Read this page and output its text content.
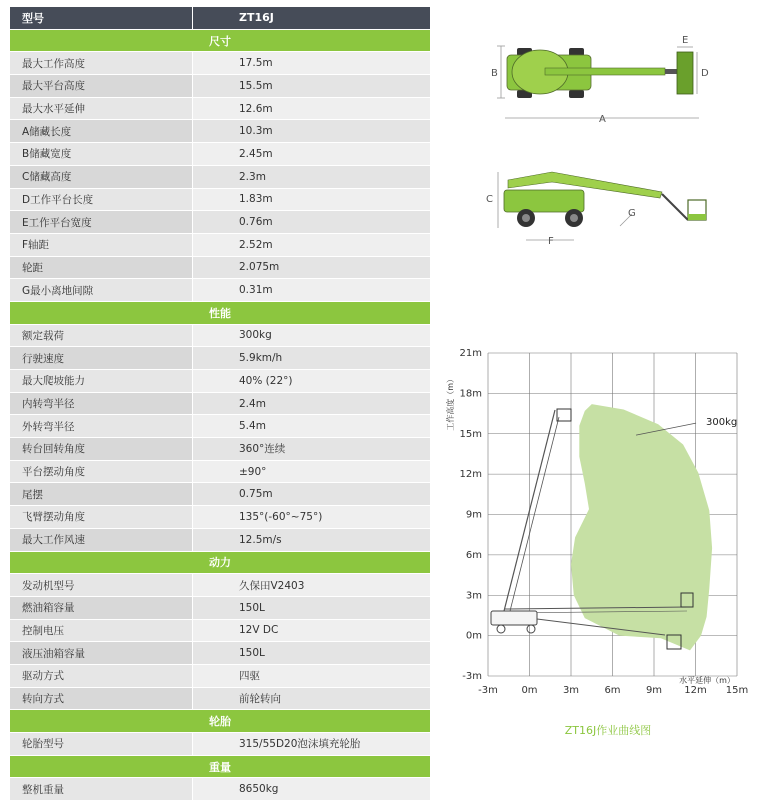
型号	ZT16J
尺寸	
最大工作高度	17.5m
最大平台高度	15.5m
最大水平延伸	12.6m
A储藏长度	10.3m
B储藏宽度	2.45m
C储藏高度	2.3m
D工作平台长度	1.83m
E工作平台宽度	0.76m
F轴距	2.52m
轮距	2.075m
G最小离地间隙	0.31m
性能	
额定载荷	300kg
行驶速度	5.9km/h
最大爬坡能力	40% (22°)
内转弯半径	2.4m
外转弯半径	5.4m
转台回转角度	360°连续
平台摆动角度	±90°
尾摆	0.75m
飞臂摆动角度	135°(-60°~75°)
最大工作风速	12.5m/s
动力	
发动机型号	久保田V2403
燃油箱容量	150L
控制电压	12V DC
液压油箱容量	150L
驱动方式	四驱
转向方式	前轮转向
轮胎	
轮胎型号	315/55D20泡沫填充轮胎
重量	
整机重量	8650kg
B	D
E
A
C
F
G
-3m 0m	3m	6m	9m 12m 15m
21m
18m
15m
12m
9m
6m
3m
0m
-3m
300kg
工作高度（m）
水平延伸（m）
ZT16J作业曲线图
